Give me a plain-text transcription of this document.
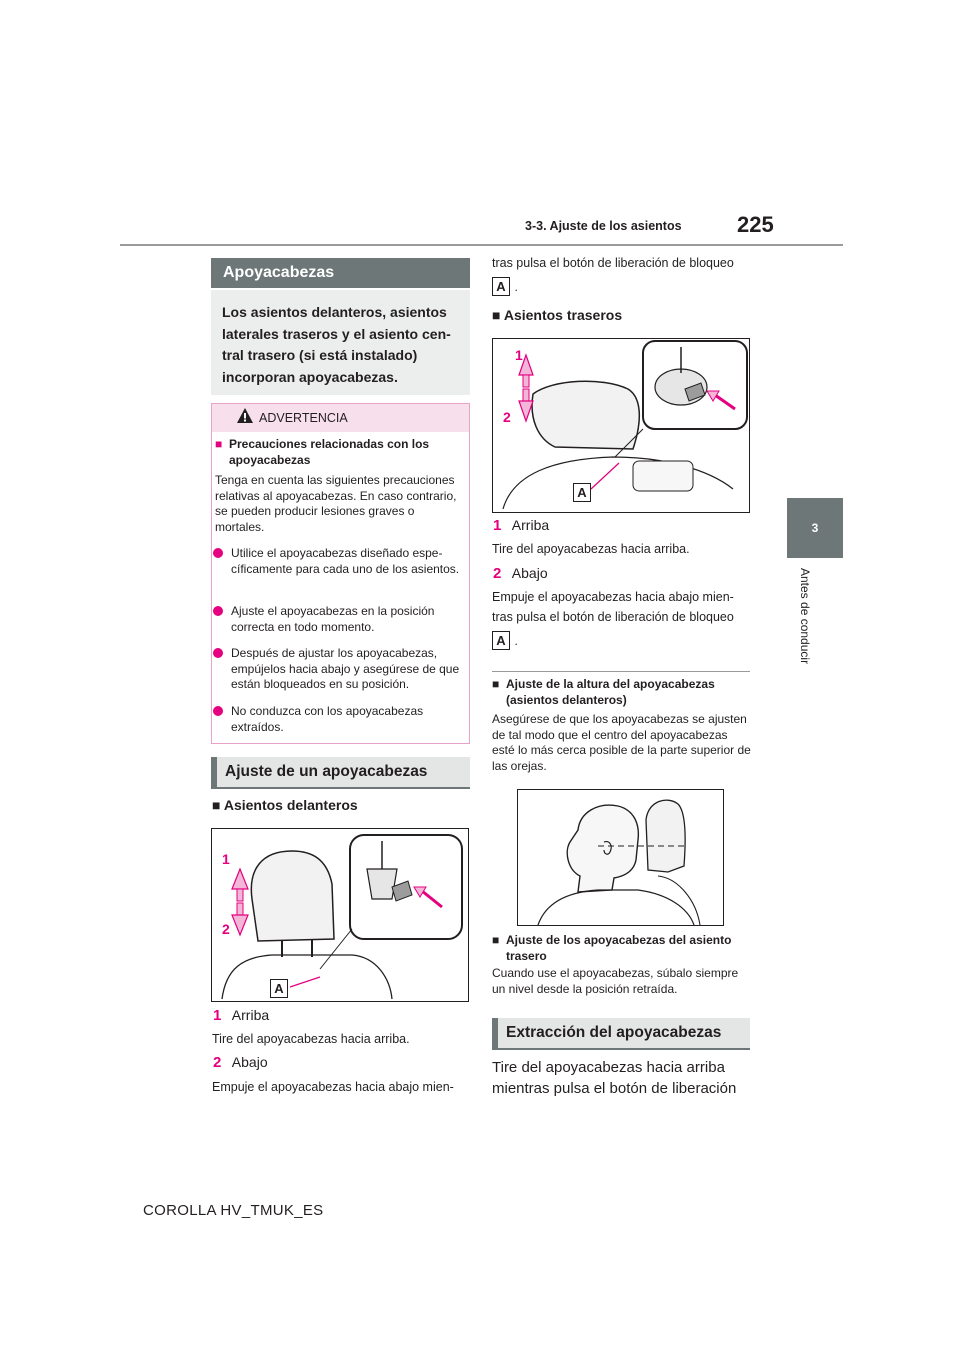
3-3. Ajuste de los asientos	225
3
Antes de conducir
Apoyacabezas
Los asientos delanteros, asientos laterales traseros y el asiento central trasero (si está instalado) incorporan apoyacabezas.
ADVERTENCIA
■ Precauciones relacionadas con los apoyacabezas
Tenga en cuenta las siguientes precauciones relativas al apoyacabezas. En caso contrario, se pueden producir lesiones graves o mortales.
Utilice el apoyacabezas diseñado específicamente para cada uno de los asientos.
Ajuste el apoyacabezas en la posición correcta en todo momento.
Después de ajustar los apoyacabezas, empújelos hacia abajo y asegúrese de que están bloqueados en su posición.
No conduzca con los apoyacabezas extraídos.
Ajuste de un apoyacabezas
■ Asientos delanteros
1
2
A
1 Arriba
Tire del apoyacabezas hacia arriba.
2 Abajo
Empuje el apoyacabezas hacia abajo mien-
tras pulsa el botón de liberación de bloqueo
A .
■ Asientos traseros
1
2
A
1 Arriba
Tire del apoyacabezas hacia arriba.
2 Abajo
Empuje el apoyacabezas hacia abajo mien-
tras pulsa el botón de liberación de bloqueo
A .
■ Ajuste de la altura del apoyacabezas (asientos delanteros)
Asegúrese de que los apoyacabezas se ajusten de tal modo que el centro del apoyacabezas esté lo más cerca posible de la parte superior de las orejas.
■ Ajuste de los apoyacabezas del asiento trasero
Cuando use el apoyacabezas, súbalo siempre un nivel desde la posición retraída.
Extracción del apoyacabezas
Tire del apoyacabezas hacia arriba mientras pulsa el botón de liberación
COROLLA HV_TMUK_ES
